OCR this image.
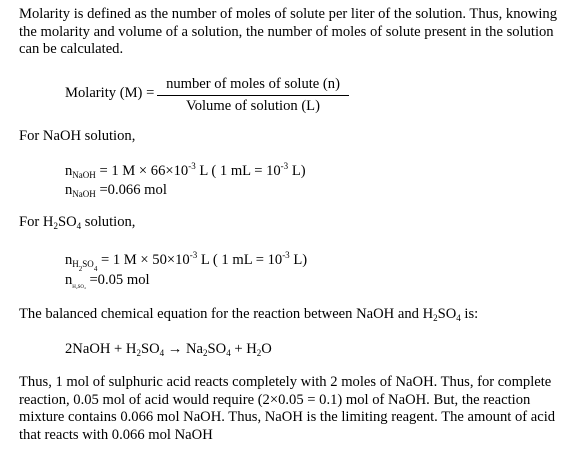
Molarity is defined as the number of moles of solute per liter of the solution. Thus, knowing the molarity and volume of a solution, the number of moles of solute present in the solution can be calculated.
Molarity (M) =
number of moles of solute (n)
Volume of solution (L)
For NaOH solution,
$n_{NaOH} = 1$ $M \times 66\times 10^{-3}$ L ( 1 mL = $10^{-3}$ L)
$n_{NaOH} =0.066$ mol
For $H_2SO_4$ solution,
$n_{H_2SO_4} = 1$ $M \times 50\times 10^{-3}$ L ( 1 mL = $10^{-3}$ L)
$n_{H_2SO_4} =0.05$ mol
The balanced chemical equation for the reaction between NaOH and $H_2SO_4$ is:
2NaOH + $H_2SO_4 \to Na_2SO_4 + H_2O$
Thus, 1 mol of sulphuric acid reacts completely with 2 moles of NaOH. Thus, for complete reaction, 0.05 mol of acid would require (2×0.05 = 0.1) mol of NaOH. But, the reaction mixture contains 0.066 mol NaOH. Thus, NaOH is the limiting reagent. The amount of acid that reacts with 0.066 mol NaOH
